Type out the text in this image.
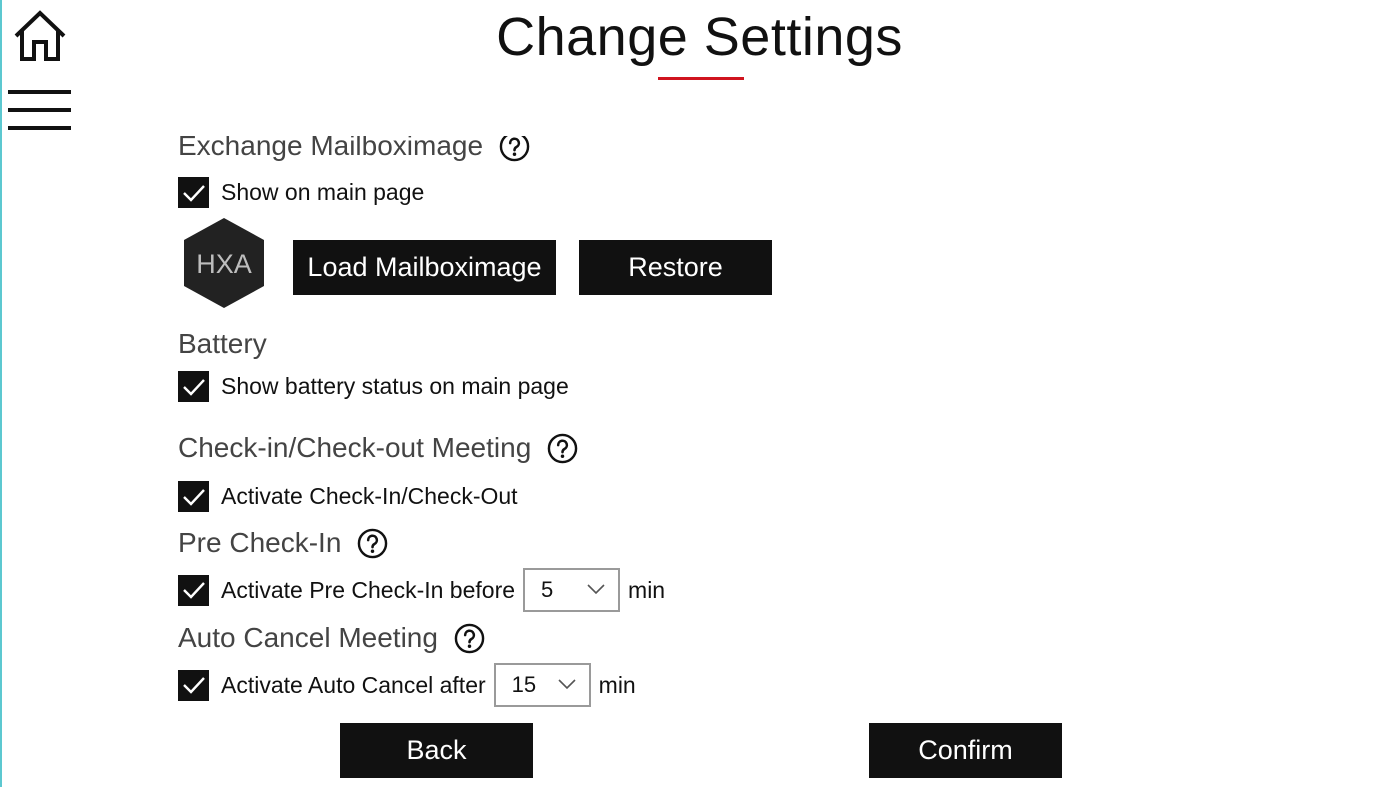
Change Settings
Exchange Mailboximage
Show on main page
HXA	Load Mailboximage	Restore
Battery
Show battery status on main page
Check-in/Check-out Meeting
Activate Check-In/Check-Out
Pre Check-In
Activate Pre Check-In before 5	min
Auto Cancel Meeting
Activate Auto Cancel after 15	min
Back	Confirm
